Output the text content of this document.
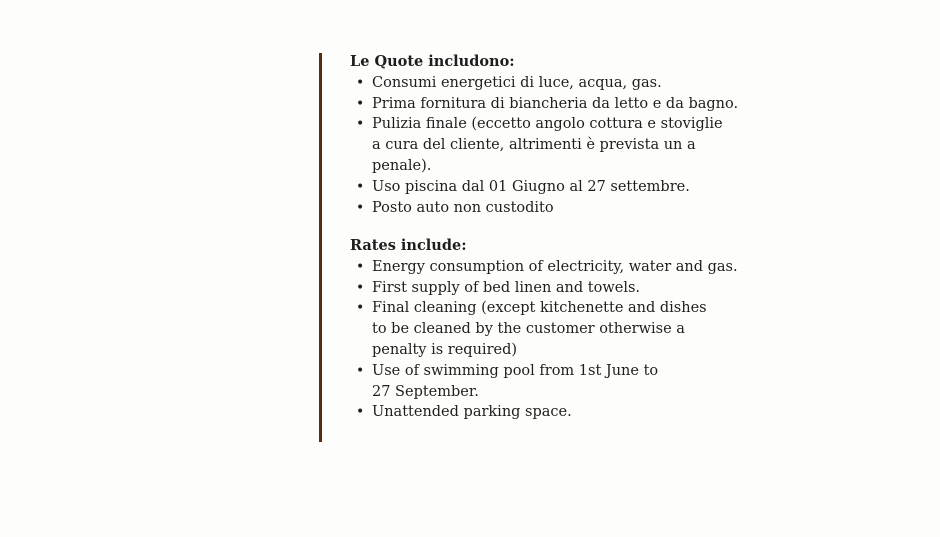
Le Quote includono:
• Consumi energetici di luce, acqua, gas.
• Prima fornitura di biancheria da letto e da bagno.
• Pulizia finale (eccetto angolo cottura e stoviglie a cura del cliente, altrimenti è prevista un a penale).
• Uso piscina dal 01 Giugno al 27 settembre.
• Posto auto non custodito
Rates include:
• Energy consumption of electricity, water and gas.
• First supply of bed linen and towels.
• Final cleaning (except kitchenette and dishes to be cleaned by the customer otherwise a penalty is required)
• Use of swimming pool from 1st June to 27 September.
• Unattended parking space.
